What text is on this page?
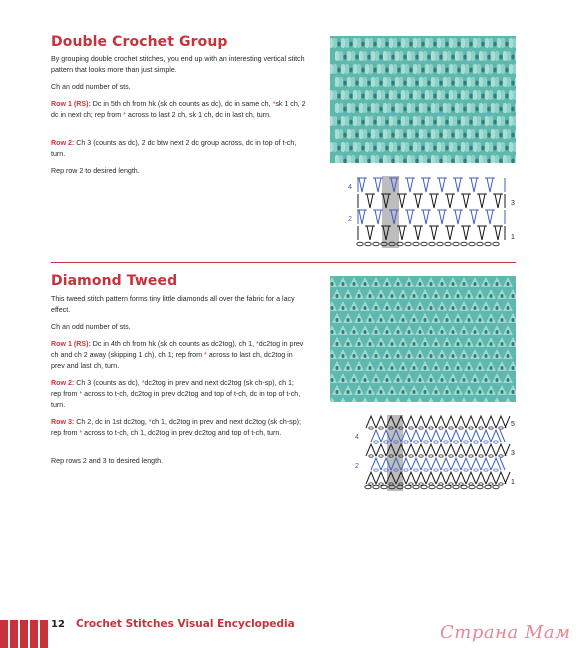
Double Crochet Group

By grouping double crochet stitches, you end up with an interesting vertical stitch pattern that looks more than just simple.

Ch an odd number of sts.

Row 1 (RS): Dc in 5th ch from hk (sk ch counts as dc), dc in same ch, *sk 1 ch, 2 dc in next ch; rep from * across to last 2 ch, sk 1 ch, dc in last ch, turn.

Row 2: Ch 3 (counts as dc), 2 dc btw next 2 dc group across, dc in top of t-ch, turn.

Rep row 2 to desired length.

4
2
3
1
Diamond Tweed

This tweed stitch pattern forms tiny little diamonds all over the fabric for a lacy effect.

Ch an odd number of sts.

Row 1 (RS): Dc in 4th ch from hk (sk ch counts as dc2tog), ch 1, *dc2tog in prev ch and ch 2 away (skipping 1 ch), ch 1; rep from * across to last ch, dc2tog in prev and last ch, turn.

Row 2: Ch 3 (counts as dc), *dc2tog in prev and next dc2tog (sk ch-sp), ch 1; rep from * across to t-ch, dc2tog in prev dc2tog and top of t-ch, dc in top of t-ch, turn.

Row 3: Ch 2, dc in 1st dc2tog, *ch 1, dc2tog in prev and next dc2tog (sk ch-sp); rep from * across to t-ch, ch 1, dc2tog in prev dc2tog and top of t-ch, turn.

Rep rows 2 and 3 to desired length.

4
2
5
3
1
12 Crochet Stitches Visual Encyclopedia	Страна Мам
